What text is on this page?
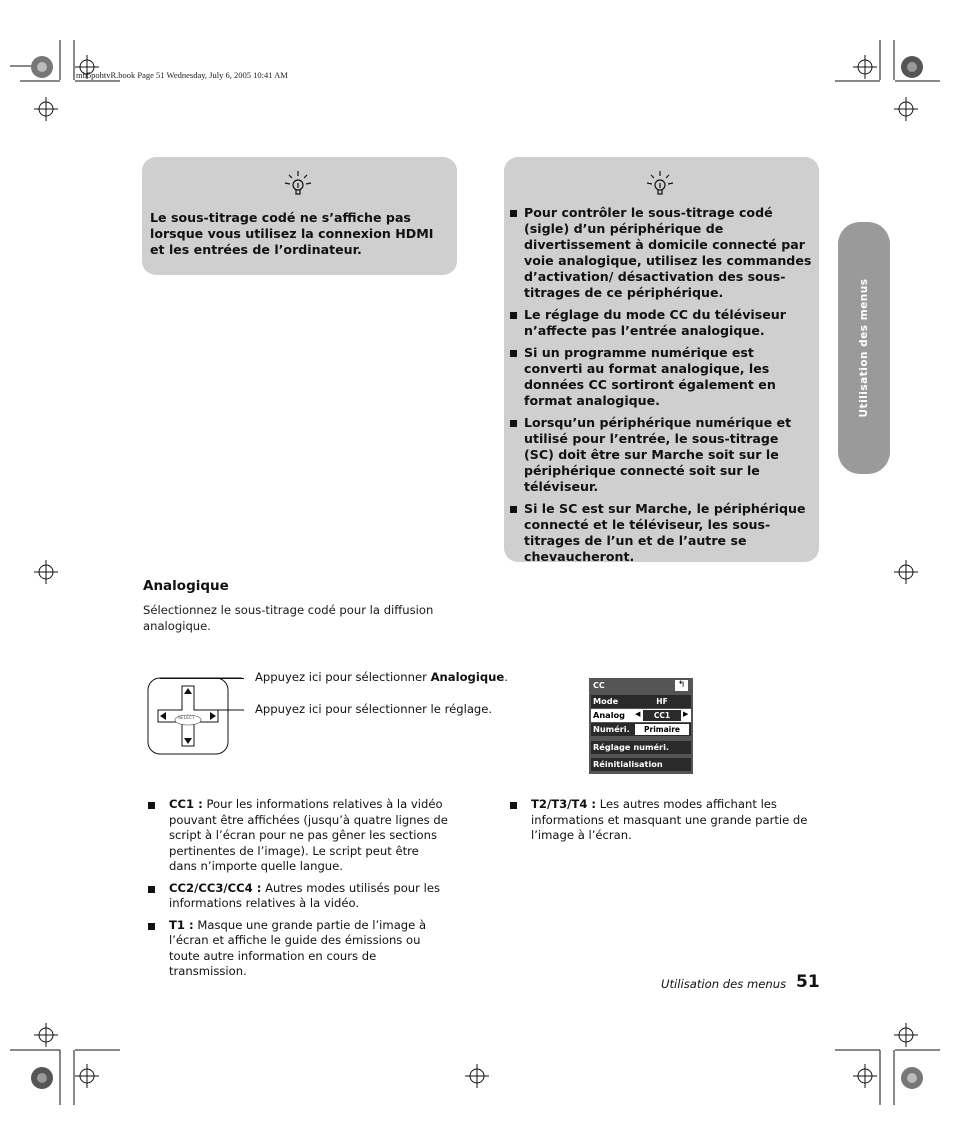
mb5pohtvR.book Page 51 Wednesday, July 6, 2005 10:41 AM
Utilisation des menus
Le sous-titrage codé ne s’affiche pas lorsque vous utilisez la connexion HDMI et les entrées de l’ordinateur.
Pour contrôler le sous-titrage codé (sigle) d’un périphérique de divertissement à domicile connecté par voie analogique, utilisez les commandes d’activation/ désactivation des sous-titrages de ce périphérique.
Le réglage du mode CC du téléviseur n’affecte pas l’entrée analogique.
Si un programme numérique est converti au format analogique, les données CC sortiront également en format analogique.
Lorsqu’un périphérique numérique et utilisé pour l’entrée, le sous-titrage (SC) doit être sur Marche soit sur le périphérique connecté soit sur le téléviseur.
Si le SC est sur Marche, le périphérique connecté et le téléviseur, les sous-titrages de l’un et de l’autre se chevaucheront.
Analogique
Sélectionnez le sous-titrage codé pour la diffusion analogique.
SELECT
Appuyez ici pour sélectionner Analogique.
Appuyez ici pour sélectionner le réglage.
CC	↰
Mode	HF
Analog ◀	CC1	▶
Numéri.	Primaire
Réglage numéri.
Réinitialisation
CC1 : Pour les informations relatives à la vidéo pouvant être affichées (jusqu’à quatre lignes de script à l’écran pour ne pas gêner les sections pertinentes de l’image). Le script peut être dans n’importe quelle langue.
CC2/CC3/CC4 : Autres modes utilisés pour les informations relatives à la vidéo.
T1 : Masque une grande partie de l’image à l’écran et affiche le guide des émissions ou toute autre information en cours de transmission.
T2/T3/T4 : Les autres modes affichant les informations et masquant une grande partie de l’image à l’écran.
Utilisation des menus 51
